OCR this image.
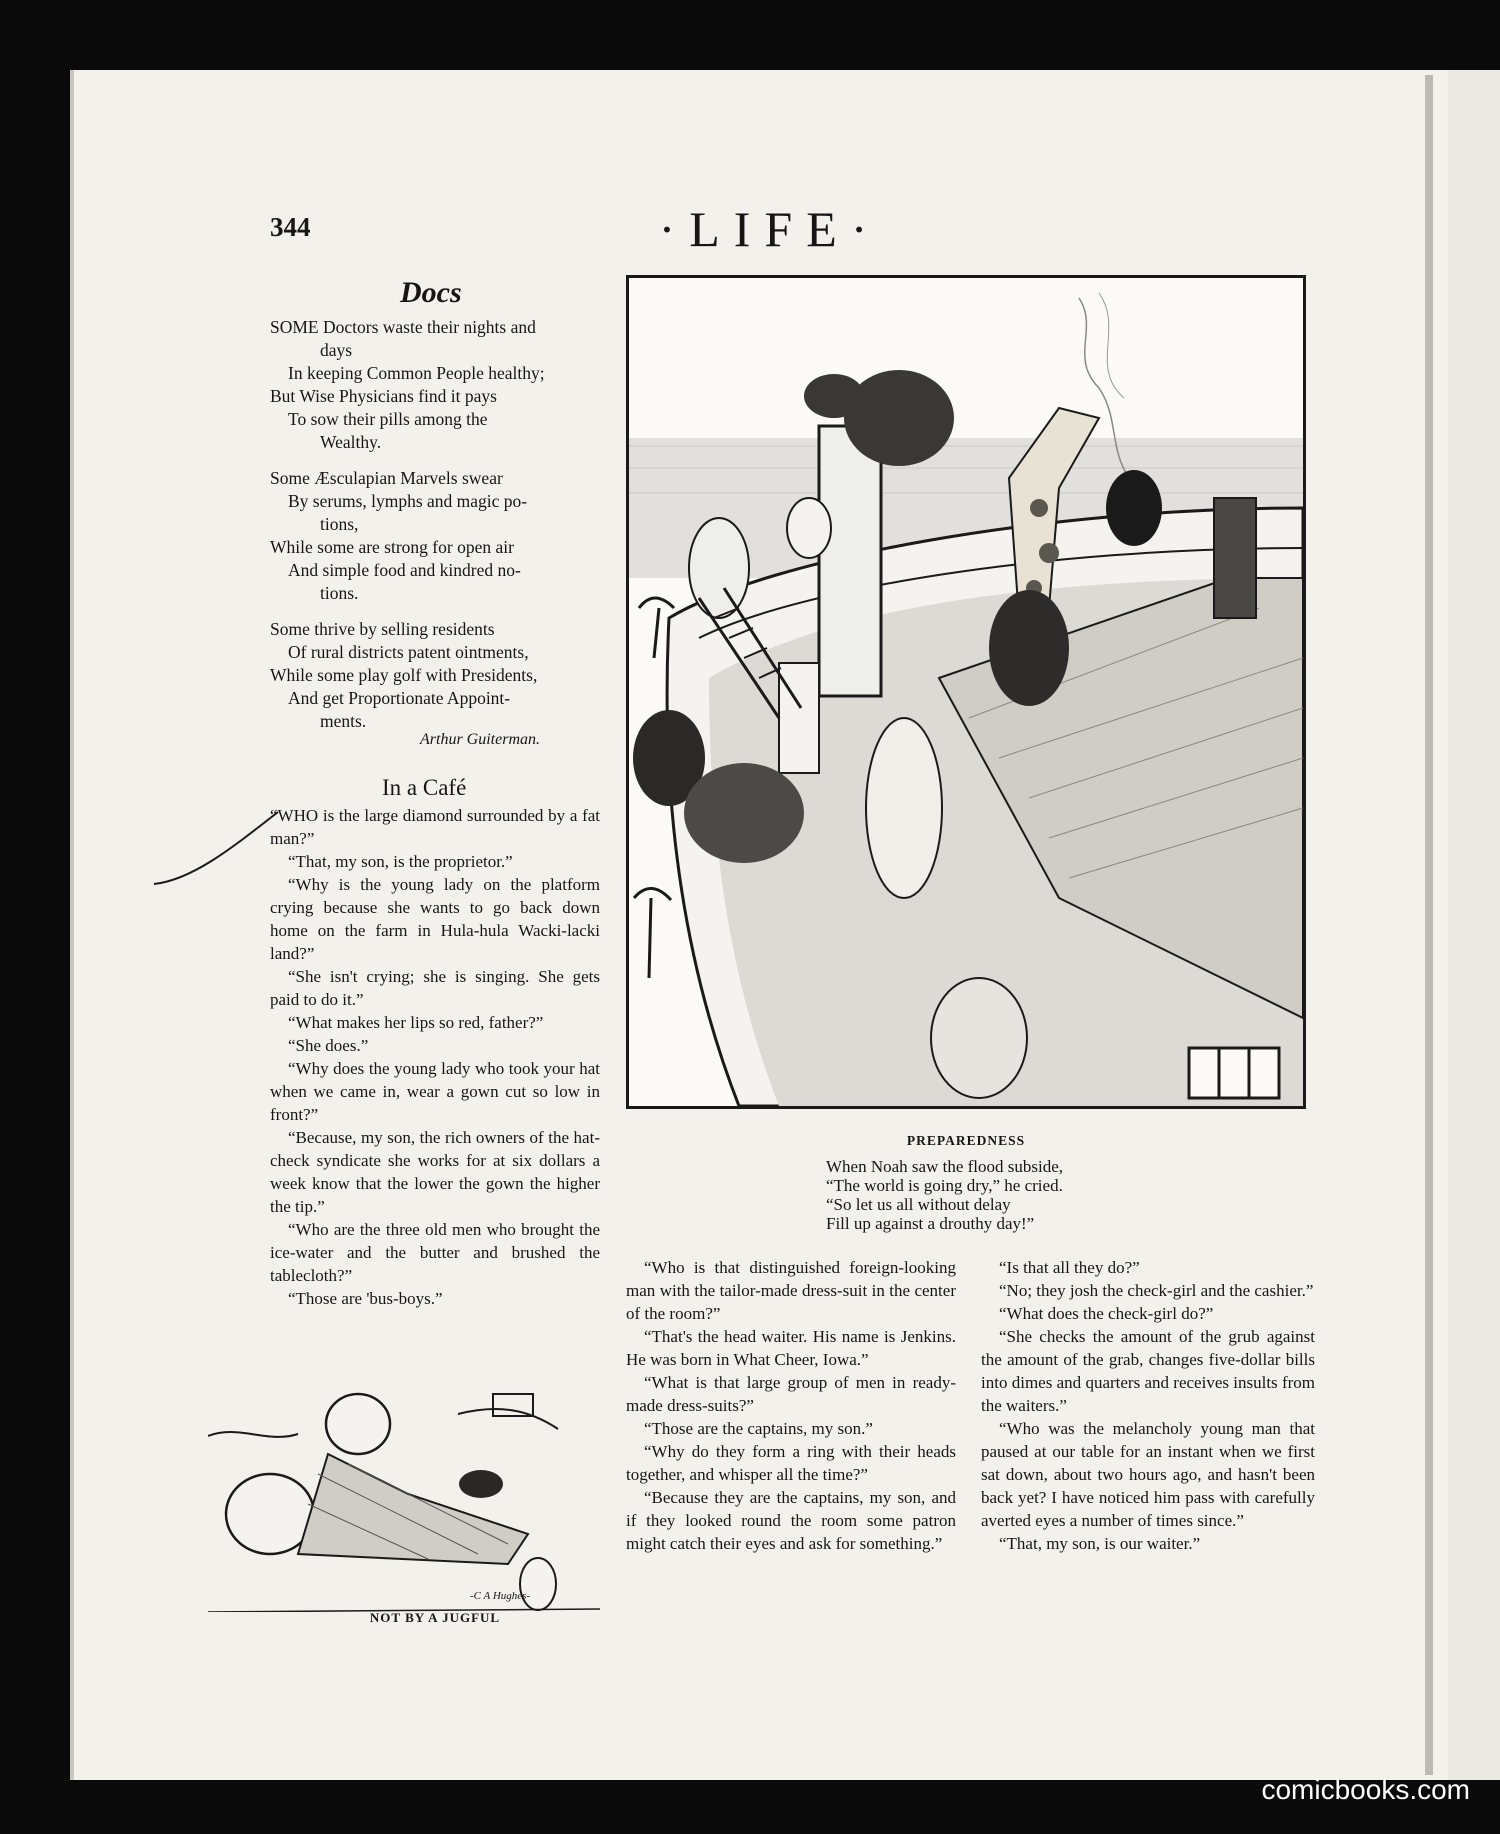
344	·LIFE·
Docs
SOME Doctors waste their nights and
days
In keeping Common People healthy;
But Wise Physicians find it pays
To sow their pills among the
Wealthy.
Some Æsculapian Marvels swear
By serums, lymphs and magic po-
tions,
While some are strong for open air
And simple food and kindred no-
tions.
Some thrive by selling residents
Of rural districts patent ointments,
While some play golf with Presidents,
And get Proportionate Appoint-
ments.
Arthur Guiterman.
In a Café
“WHO is the large diamond surrounded by a fat man?”
“That, my son, is the proprietor.”
“Why is the young lady on the platform crying because she wants to go back down home on the farm in Hula-hula Wacki-lacki land?”
“She isn't crying; she is singing. She gets paid to do it.”
“What makes her lips so red, father?”
“She does.”
“Why does the young lady who took your hat when we came in, wear a gown cut so low in front?”
“Because, my son, the rich owners of the hat-check syndicate she works for at six dollars a week know that the lower the gown the higher the tip.”
“Who are the three old men who brought the ice-water and the butter and brushed the tablecloth?”
“Those are 'bus-boys.”
PREPAREDNESS
When Noah saw the flood subside,
“The world is going dry,” he cried.
“So let us all without delay
Fill up against a drouthy day!”
“Who is that distinguished foreign-looking man with the tailor-made dress-suit in the center of the room?”
“That's the head waiter. His name is Jenkins. He was born in What Cheer, Iowa.”
“What is that large group of men in ready-made dress-suits?”
“Those are the captains, my son.”
“Why do they form a ring with their heads together, and whisper all the time?”
“Because they are the captains, my son, and if they looked round the room some patron might catch their eyes and ask for something.”
“Is that all they do?”
“No; they josh the check-girl and the cashier.”
“What does the check-girl do?”
“She checks the amount of the grub against the amount of the grab, changes five-dollar bills into dimes and quarters and receives insults from the waiters.”
“Who was the melancholy young man that paused at our table for an instant when we first sat down, about two hours ago, and hasn't been back yet? I have noticed him pass with carefully averted eyes a number of times since.”
“That, my son, is our waiter.”
-C A Hughes-
NOT BY A JUGFUL
comicbooks.com
